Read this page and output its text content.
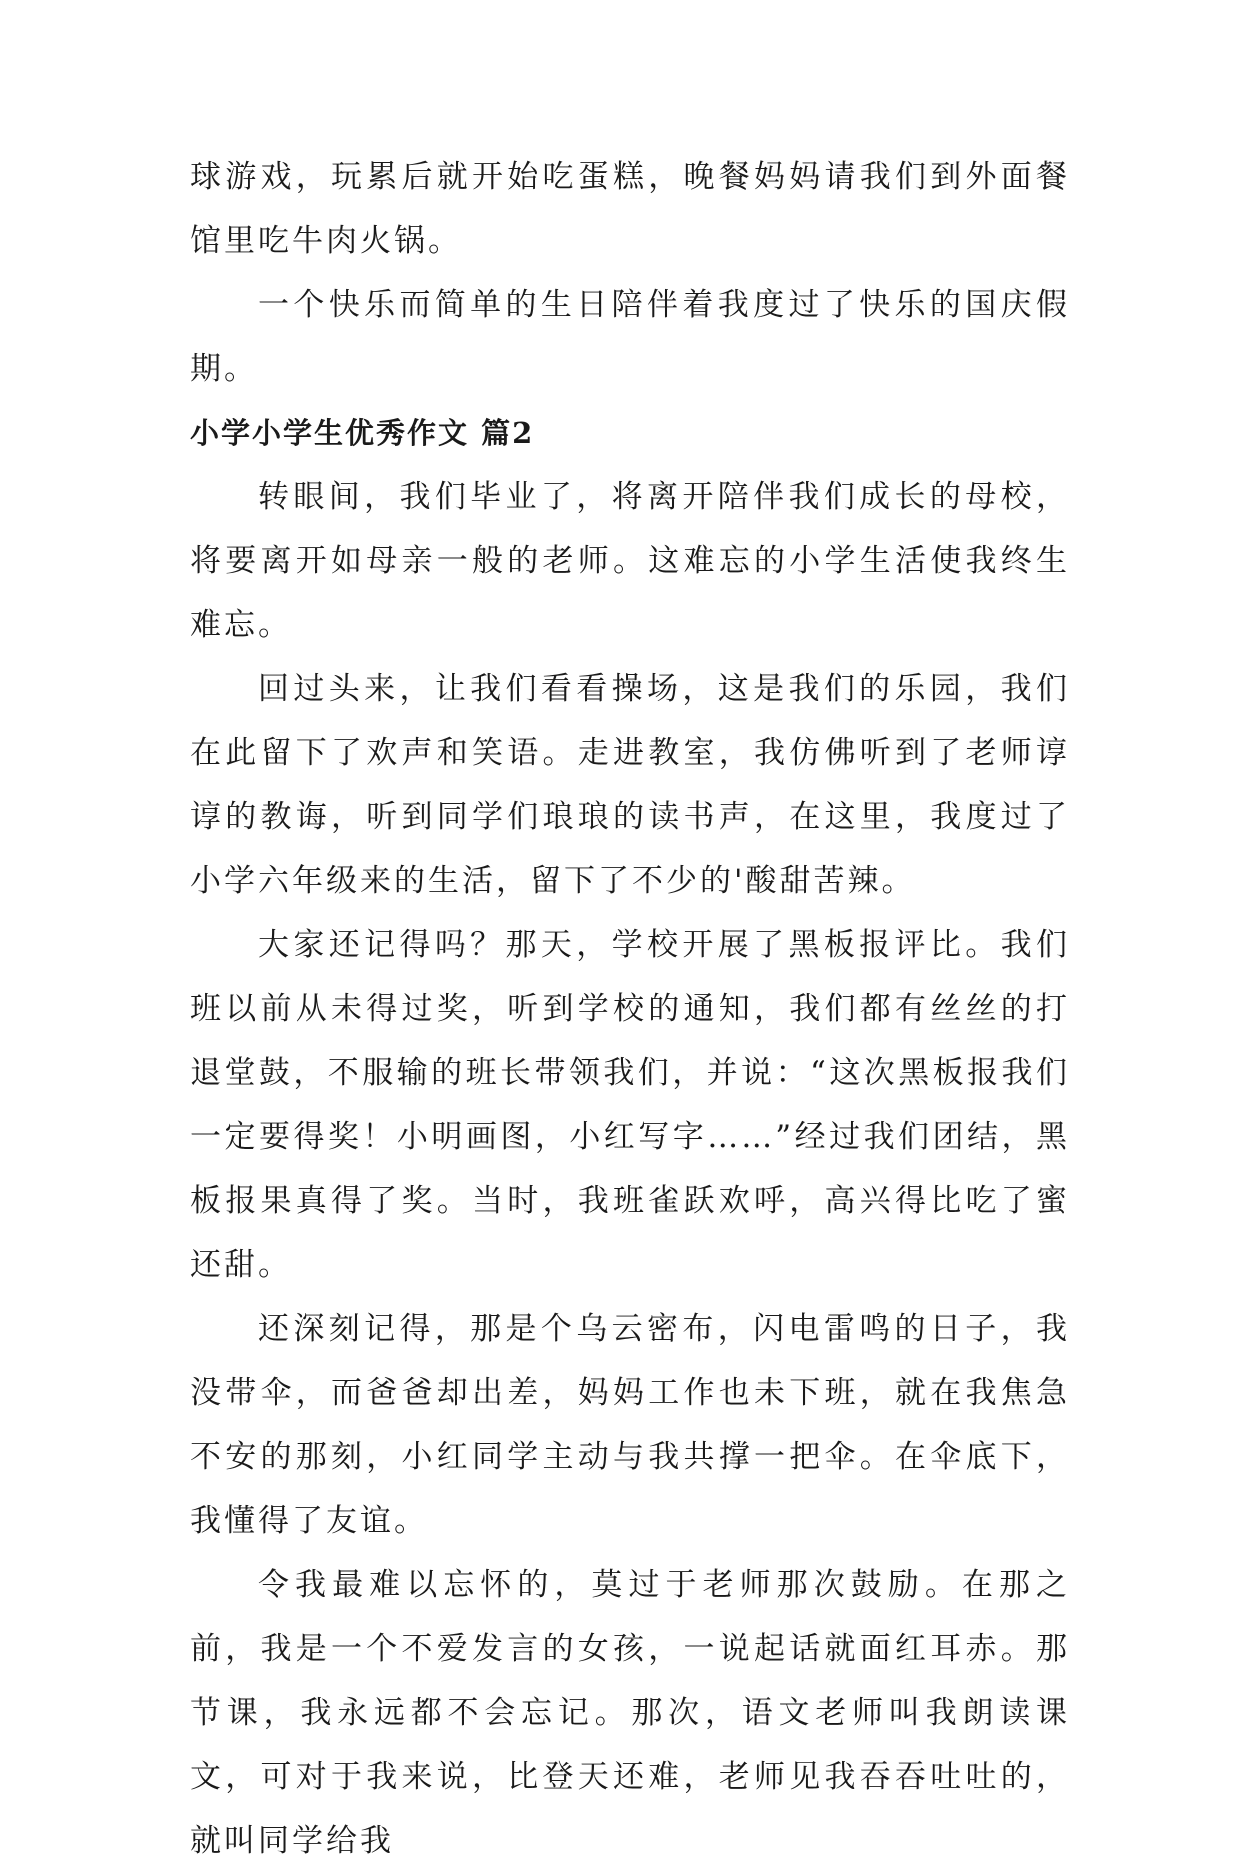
球游戏，玩累后就开始吃蛋糕，晚餐妈妈请我们到外面餐馆里吃牛肉火锅。

一个快乐而简单的生日陪伴着我度过了快乐的国庆假期。

小学小学生优秀作文 篇2

转眼间，我们毕业了，将离开陪伴我们成长的母校，将要离开如母亲一般的老师。这难忘的小学生活使我终生难忘。

回过头来，让我们看看操场，这是我们的乐园，我们在此留下了欢声和笑语。走进教室，我仿佛听到了老师谆谆的教诲，听到同学们琅琅的读书声，在这里，我度过了小学六年级来的生活，留下了不少的'酸甜苦辣。

大家还记得吗？那天，学校开展了黑板报评比。我们班以前从未得过奖，听到学校的通知，我们都有丝丝的打退堂鼓，不服输的班长带领我们，并说：“这次黑板报我们一定要得奖！小明画图，小红写字……”经过我们团结，黑板报果真得了奖。当时，我班雀跃欢呼，高兴得比吃了蜜还甜。

还深刻记得，那是个乌云密布，闪电雷鸣的日子，我没带伞，而爸爸却出差，妈妈工作也未下班，就在我焦急不安的那刻，小红同学主动与我共撑一把伞。在伞底下，我懂得了友谊。

令我最难以忘怀的，莫过于老师那次鼓励。在那之前，我是一个不爱发言的女孩，一说起话就面红耳赤。那节课，我永远都不会忘记。那次，语文老师叫我朗读课文，可对于我来说，比登天还难，老师见我吞吞吐吐的，就叫同学给我
